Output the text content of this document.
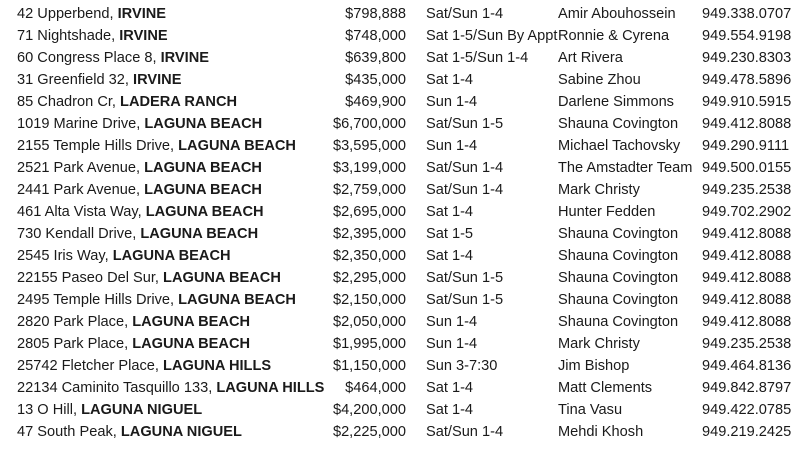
42 Upperbend, IRVINE	$798,888 Sat/Sun 1-4	Amir Abouhossein 949.338.0707
71 Nightshade, IRVINE	$748,000 Sat 1-5/Sun By Appt Ronnie & Cyrena 949.554.9198
60 Congress Place 8, IRVINE	$639,800 Sat 1-5/Sun 1-4 Art Rivera	949.230.8303
31 Greenfield 32, IRVINE	$435,000 Sat 1-4	Sabine Zhou	949.478.5896
85 Chadron Cr, LADERA RANCH	$469,900 Sun 1-4	Darlene Simmons 949.910.5915
1019 Marine Drive, LAGUNA BEACH	$6,700,000 Sat/Sun 1-5	Shauna Covington 949.412.8088
2155 Temple Hills Drive, LAGUNA BEACH	$3,595,000 Sun 1-4	Michael Tachovsky 949.290.9111
2521 Park Avenue, LAGUNA BEACH	$3,199,000 Sat/Sun 1-4	The Amstadter Team 949.500.0155
2441 Park Avenue, LAGUNA BEACH	$2,759,000 Sat/Sun 1-4	Mark Christy	949.235.2538
461 Alta Vista Way, LAGUNA BEACH	$2,695,000 Sat 1-4	Hunter Fedden	949.702.2902
730 Kendall Drive, LAGUNA BEACH	$2,395,000 Sat 1-5	Shauna Covington 949.412.8088
2545 Iris Way, LAGUNA BEACH	$2,350,000 Sat 1-4	Shauna Covington 949.412.8088
22155 Paseo Del Sur, LAGUNA BEACH	$2,295,000 Sat/Sun 1-5	Shauna Covington 949.412.8088
2495 Temple Hills Drive, LAGUNA BEACH	$2,150,000 Sat/Sun 1-5	Shauna Covington 949.412.8088
2820 Park Place, LAGUNA BEACH	$2,050,000 Sun 1-4	Shauna Covington 949.412.8088
2805 Park Place, LAGUNA BEACH	$1,995,000 Sun 1-4	Mark Christy	949.235.2538
25742 Fletcher Place, LAGUNA HILLS	$1,150,000 Sun 3-7:30	Jim Bishop	949.464.8136
22134 Caminito Tasquillo 133, LAGUNA HILLS $464,000 Sat 1-4	Matt Clements	949.842.8797
13 O Hill, LAGUNA NIGUEL	$4,200,000 Sat 1-4	Tina Vasu	949.422.0785
47 South Peak, LAGUNA NIGUEL	$2,225,000 Sat/Sun 1-4	Mehdi Khosh	949.219.2425
